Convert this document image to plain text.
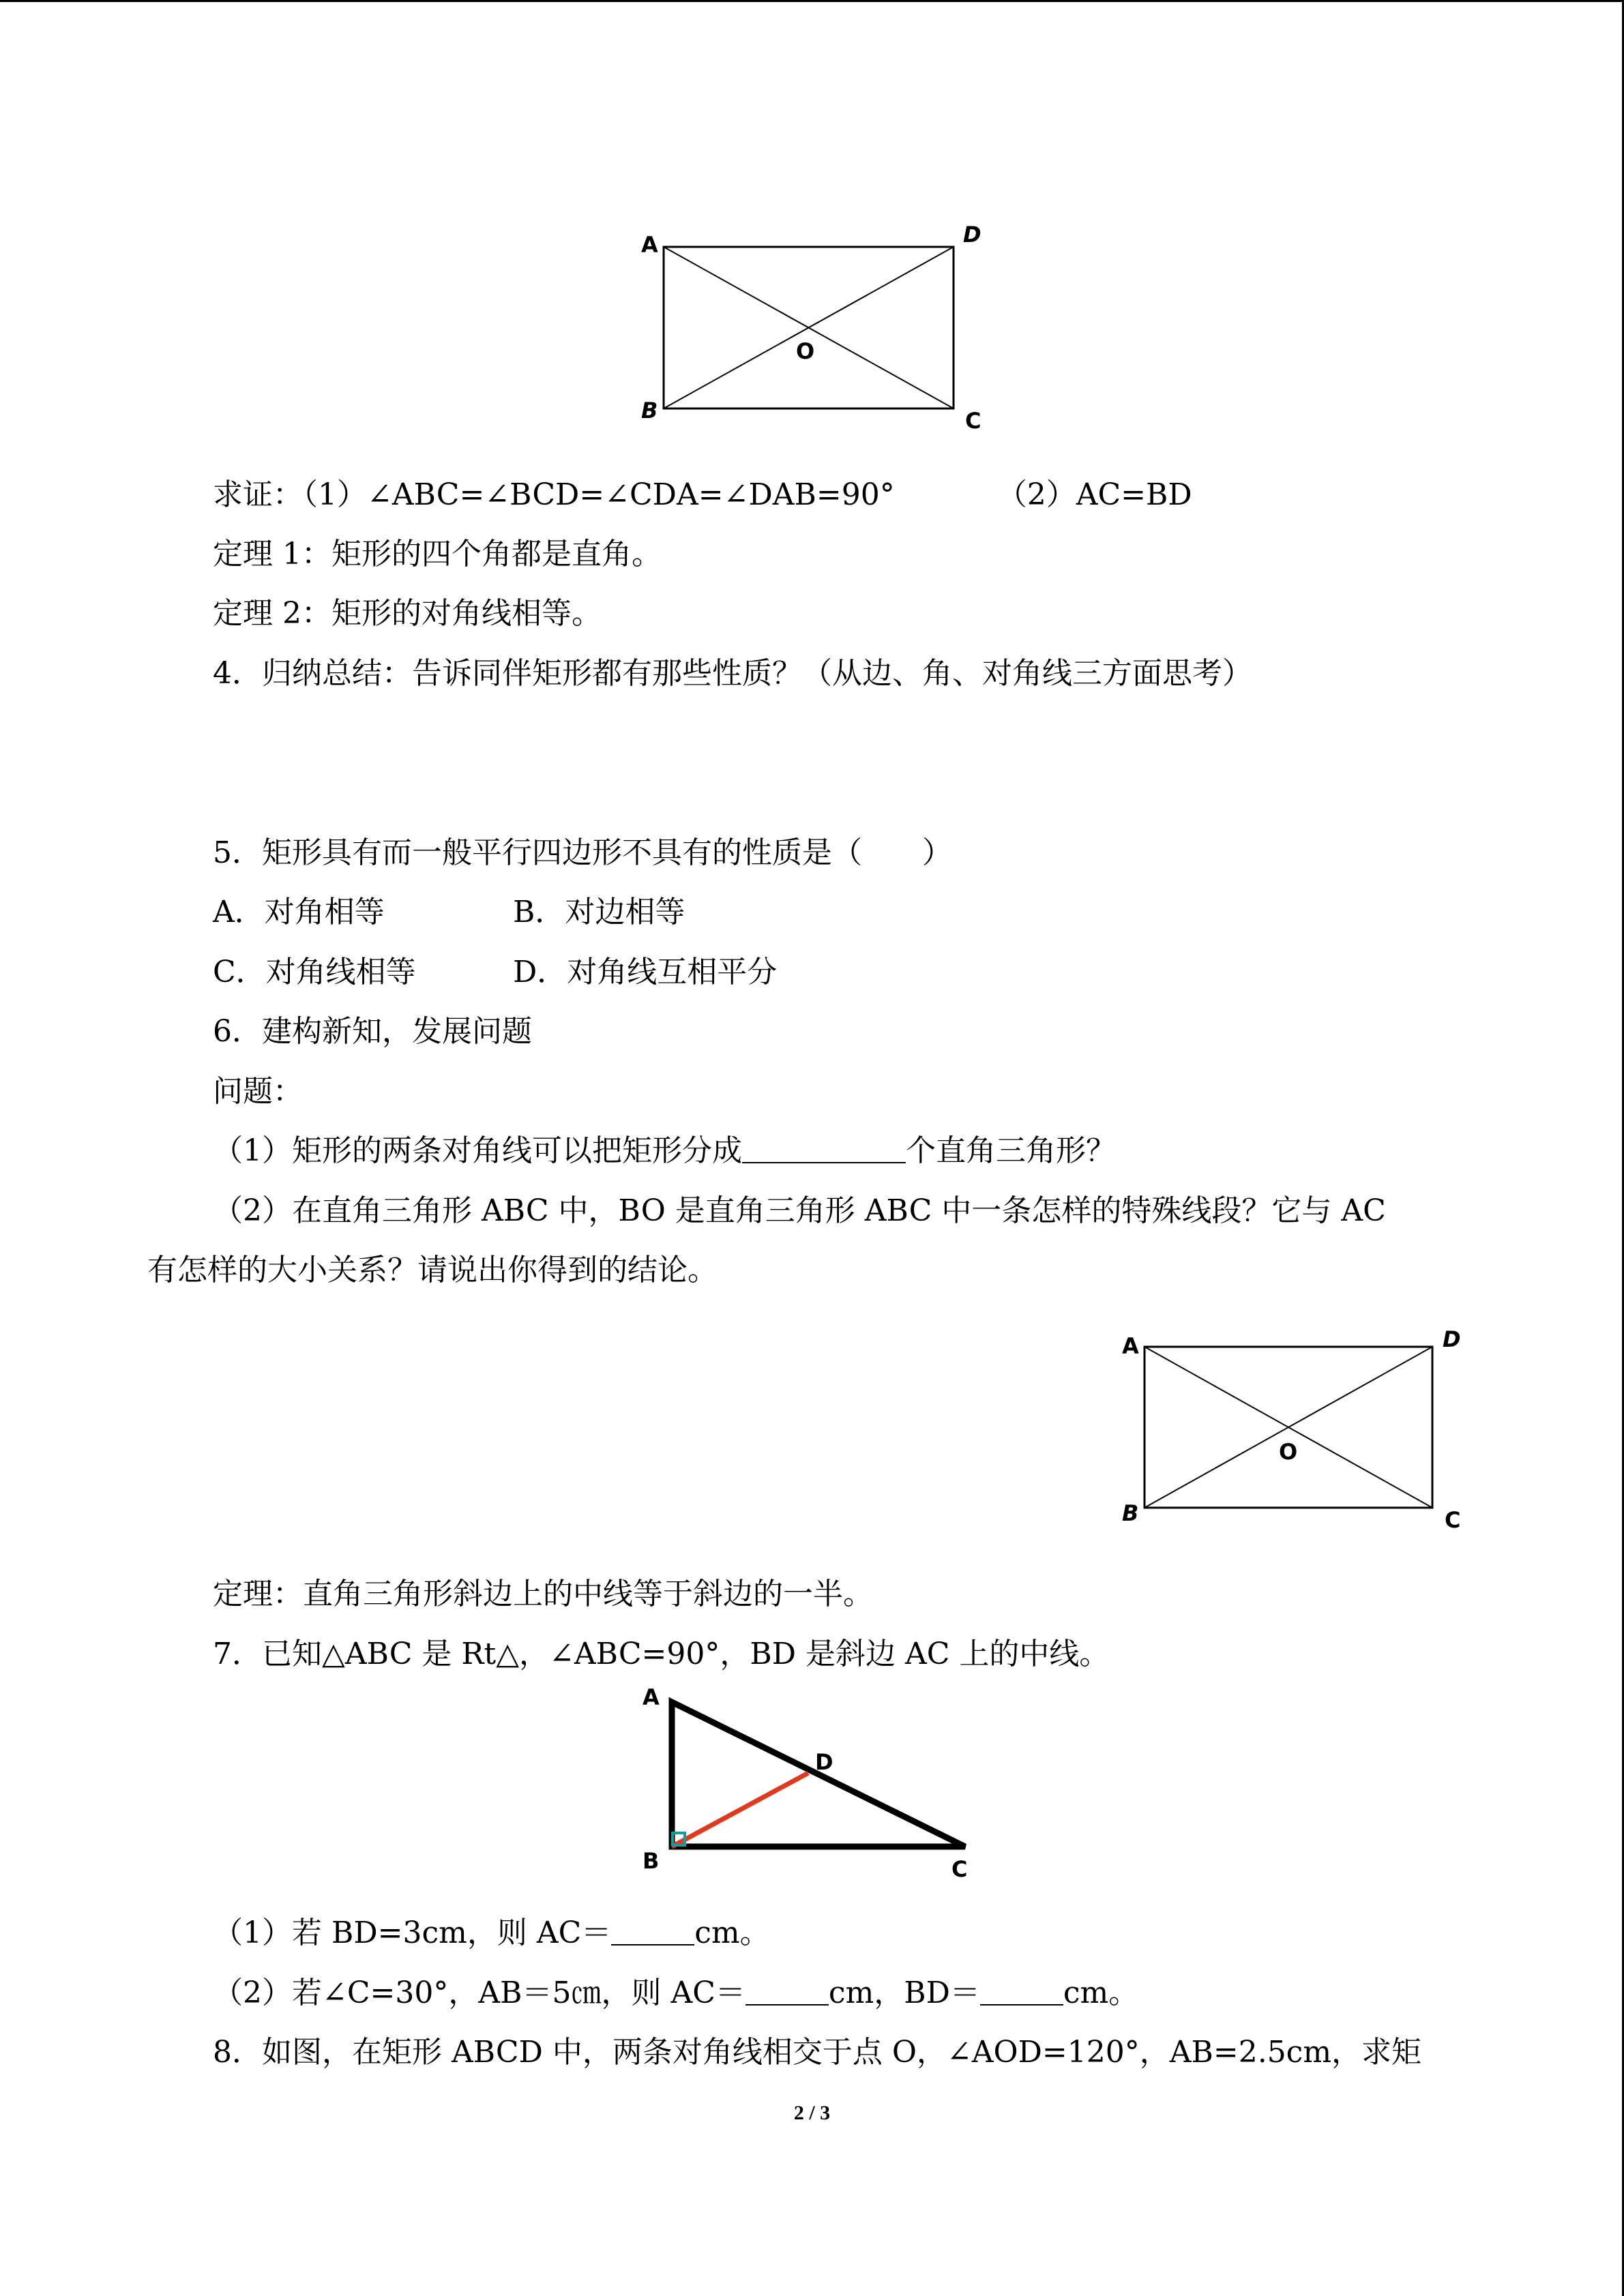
A
B	C
D
O
求证：（1）∠ABC=∠BCD=∠CDA=∠DAB=90°	（2）AC=BD
定理 1：矩形的四个角都是直角。
定理 2：矩形的对角线相等。
4．归纳总结：告诉同伴矩形都有那些性质？（从边、角、对角线三方面思考）
5．矩形具有而一般平行四边形不具有的性质是（　　）
A．对角相等	B．对边相等
C．对角线相等	D．对角线互相平分
6．建构新知，发展问题
问题：
（1）矩形的两条对角线可以把矩形分成	个直角三角形？
（2）在直角三角形 ABC 中，BO 是直角三角形 ABC 中一条怎样的特殊线段？它与 AC
有怎样的大小关系？请说出你得到的结论。
A
B	C
D
O
定理：直角三角形斜边上的中线等于斜边的一半。
7．已知△ABC 是 Rt△，∠ABC=90°，BD 是斜边 AC 上的中线。
A
B	C
D
（1）若 BD=3cm，则 AC＝	cm。
（2）若∠C=30°，AB＝5㎝，则 AC＝	cm，BD＝	cm。
8．如图，在矩形 ABCD 中，两条对角线相交于点 O，∠AOD=120°，AB=2.5cm，求矩
2 / 3
